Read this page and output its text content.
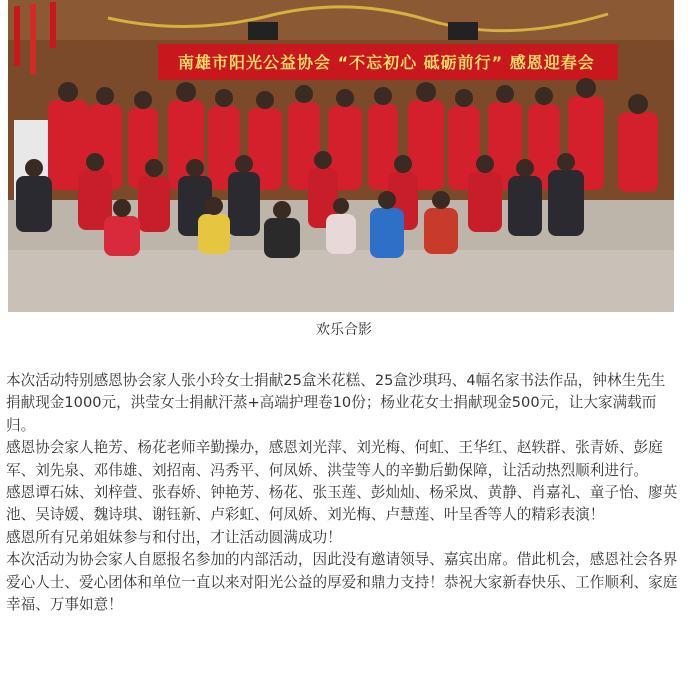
南雄市阳光公益协会 “不忘初心 砥砺前行” 感恩迎春会
欢乐合影

本次活动特别感恩协会家人张小玲女士捐献25盒米花糕、25盒沙琪玛、4幅名家书法作品，钟林生先生捐献现金1000元，洪莹女士捐献汗蒸+高端护理卷10份；杨业花女士捐献现金500元，让大家满载而归。

感恩协会家人艳芳、杨花老师辛勤操办，感恩刘光萍、刘光梅、何虹、王华红、赵轶群、张青娇、彭庭军、刘先泉、邓伟雄、刘招南、冯秀平、何凤娇、洪莹等人的辛勤后勤保障，让活动热烈顺利进行。

感恩谭石妹、刘梓萱、张春娇、钟艳芳、杨花、张玉莲、彭灿灿、杨采岚、黄静、肖嘉礼、童子怡、廖英池、吴诗媛、魏诗琪、谢钰新、卢彩虹、何凤娇、刘光梅、卢慧莲、叶呈香等人的精彩表演！

感恩所有兄弟姐妹参与和付出，才让活动圆满成功！

本次活动为协会家人自愿报名参加的内部活动，因此没有邀请领导、嘉宾出席。借此机会，感恩社会各界爱心人士、爱心团体和单位一直以来对阳光公益的厚爱和鼎力支持！恭祝大家新春快乐、工作顺利、家庭幸福、万事如意！
